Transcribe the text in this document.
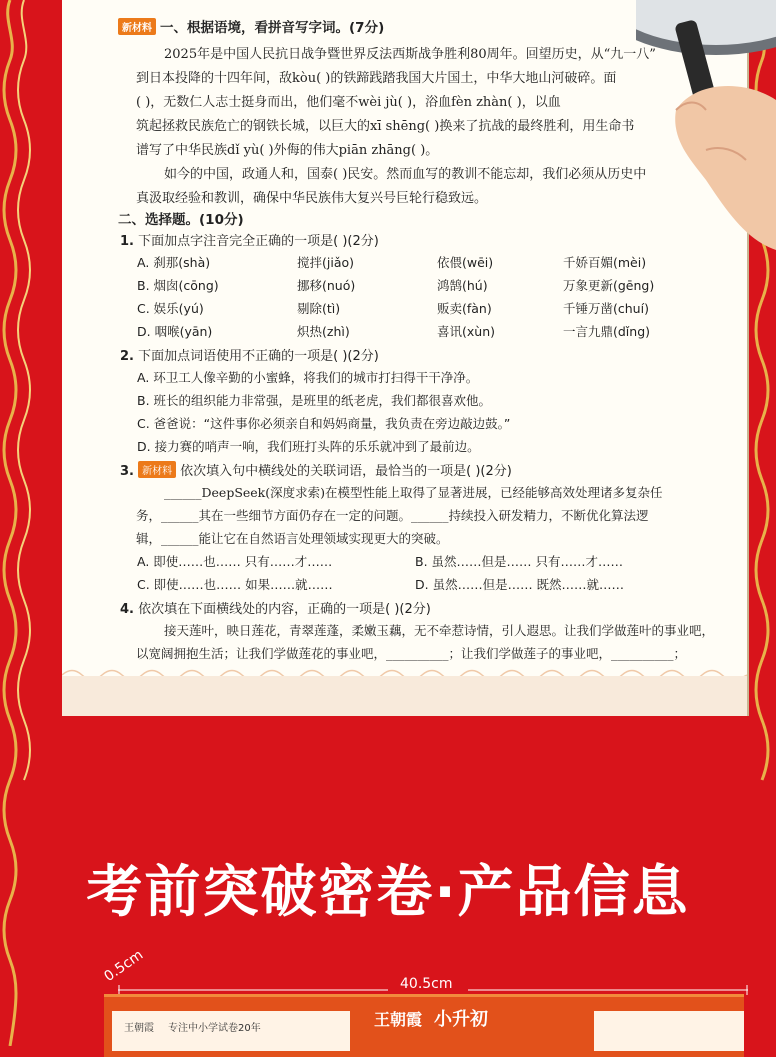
新材料 一、根据语境，看拼音写字词。(7分)
2025年是中国人民抗日战争暨世界反法西斯战争胜利80周年。回望历史，从“九一八”
到日本投降的十四年间，敌kòu( )的铁蹄践踏我国大片国土，中华大地山河破碎。面
( )，无数仁人志士挺身而出，他们毫不wèi jù( )，浴血fèn zhàn( )，以血
筑起拯救民族危亡的钢铁长城，以巨大的xī shēng( )换来了抗战的最终胜利，用生命书
谱写了中华民族dǐ yù( )外侮的伟大piān zhāng( )。
如今的中国，政通人和，国泰( )民安。然而血写的教训不能忘却，我们必须从历史中
真汲取经验和教训，确保中华民族伟大复兴号巨轮行稳致远。
二、选择题。(10分)
1. 下面加点字注音完全正确的一项是( )(2分)
A. 刹那(shà)	搅拌(jiǎo)	依偎(wēi)	千娇百媚(mèi)
B. 烟囱(cōng)	挪移(nuó)	鸿鹄(hú)	万象更新(gēng)
C. 娱乐(yú)	剔除(tì)	贩卖(fàn)	千锤万凿(chuí)
D. 咽喉(yān)	炽热(zhì)	喜讯(xùn)	一言九鼎(dǐng)
2. 下面加点词语使用不正确的一项是( )(2分)
A. 环卫工人像辛勤的小蜜蜂，将我们的城市打扫得干干净净。
B. 班长的组织能力非常强，是班里的纸老虎，我们都很喜欢他。
C. 爸爸说：“这件事你必须亲自和妈妈商量，我负责在旁边敲边鼓。”
D. 接力赛的哨声一响，我们班打头阵的乐乐就冲到了最前边。
3. 新材料 依次填入句中横线处的关联词语，最恰当的一项是( )(2分)
______DeepSeek(深度求索)在模型性能上取得了显著进展，已经能够高效处理诸多复杂任
务，______其在一些细节方面仍存在一定的问题。______持续投入研发精力，不断优化算法逻
辑，______能让它在自然语言处理领域实现更大的突破。
A. 即使……也…… 只有……才……	B. 虽然……但是…… 只有……才……
C. 即使……也…… 如果……就……	D. 虽然……但是…… 既然……就……
4. 依次填在下面横线处的内容，正确的一项是( )(2分)
接天莲叶，映日莲花，青翠莲蓬，柔嫩玉藕，无不牵惹诗情，引人遐思。让我们学做莲叶的事业吧，
以宽阔拥抱生活；让我们学做莲花的事业吧，__________；让我们学做莲子的事业吧，__________；
考前突破密卷·产品信息
0.5cm	40.5cm
王朝霞 专注中小学试卷20年	王朝霞 小升初
